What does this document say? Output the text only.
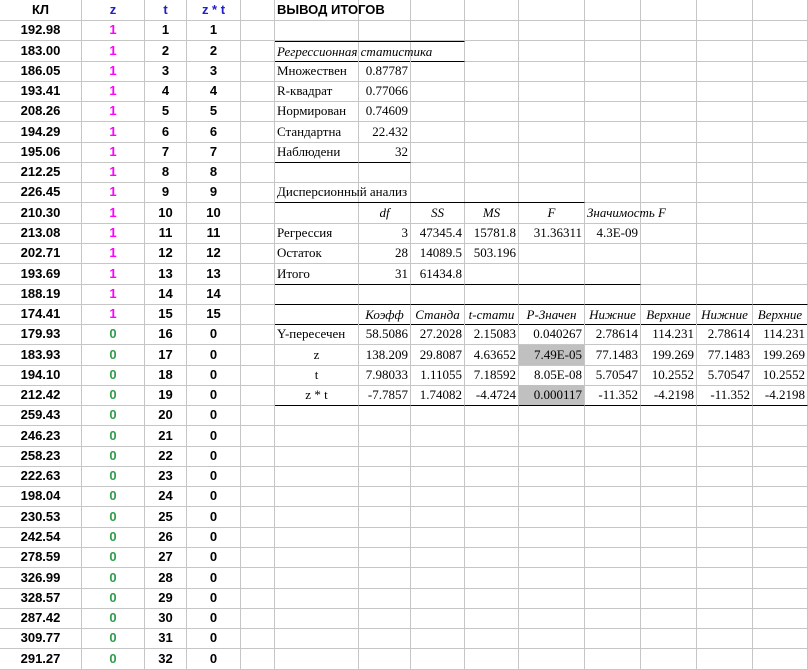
КЛ	z	t	z * t
192.98	1	1	1
183.00	1	2	2
186.05	1	3	3
193.41	1	4	4
208.26	1	5	5
194.29	1	6	6
195.06	1	7	7
212.25	1	8	8
226.45	1	9	9
210.30	1	10	10
213.08	1	11	11
202.71	1	12	12
193.69	1	13	13
188.19	1	14	14
174.41	1	15	15
179.93	0	16	0
183.93	0	17	0
194.10	0	18	0
212.42	0	19	0
259.43	0	20	0
246.23	0	21	0
258.23	0	22	0
222.63	0	23	0
198.04	0	24	0
230.53	0	25	0
242.54	0	26	0
278.59	0	27	0
326.99	0	28	0
328.57	0	29	0
287.42	0	30	0
309.77	0	31	0
291.27	0	32	0
ВЫВОД ИТОГОВ
Регрессионная статистика
Множествен	0.87787
R-квадрат	0.77066
Нормирован	0.74609
Стандартна	22.432
Наблюдени	32
Дисперсионный анализ
df	SS	MS	F	Значимость F
Регрессия	3 47345.4 15781.8	31.36311	4.3E-09
Остаток	28 14089.5 503.196
Итого	31 61434.8
Коэфф Станда t-стати P-Значен Нижние Верхние Нижние Верхние
Y-пересечен	58.5086 27.2028 2.15083	0.040267	2.78614	114.231	2.78614	114.231
z	138.209 29.8087 4.63652	7.49E-05	77.1483	199.269	77.1483 199.269
t	7.98033 1.11055 7.18592	8.05E-08	5.70547	10.2552	5.70547 10.2552
z * t	-7.7857 1.74082	-4.4724	0.000117	-11.352	-4.2198	-11.352	-4.2198
